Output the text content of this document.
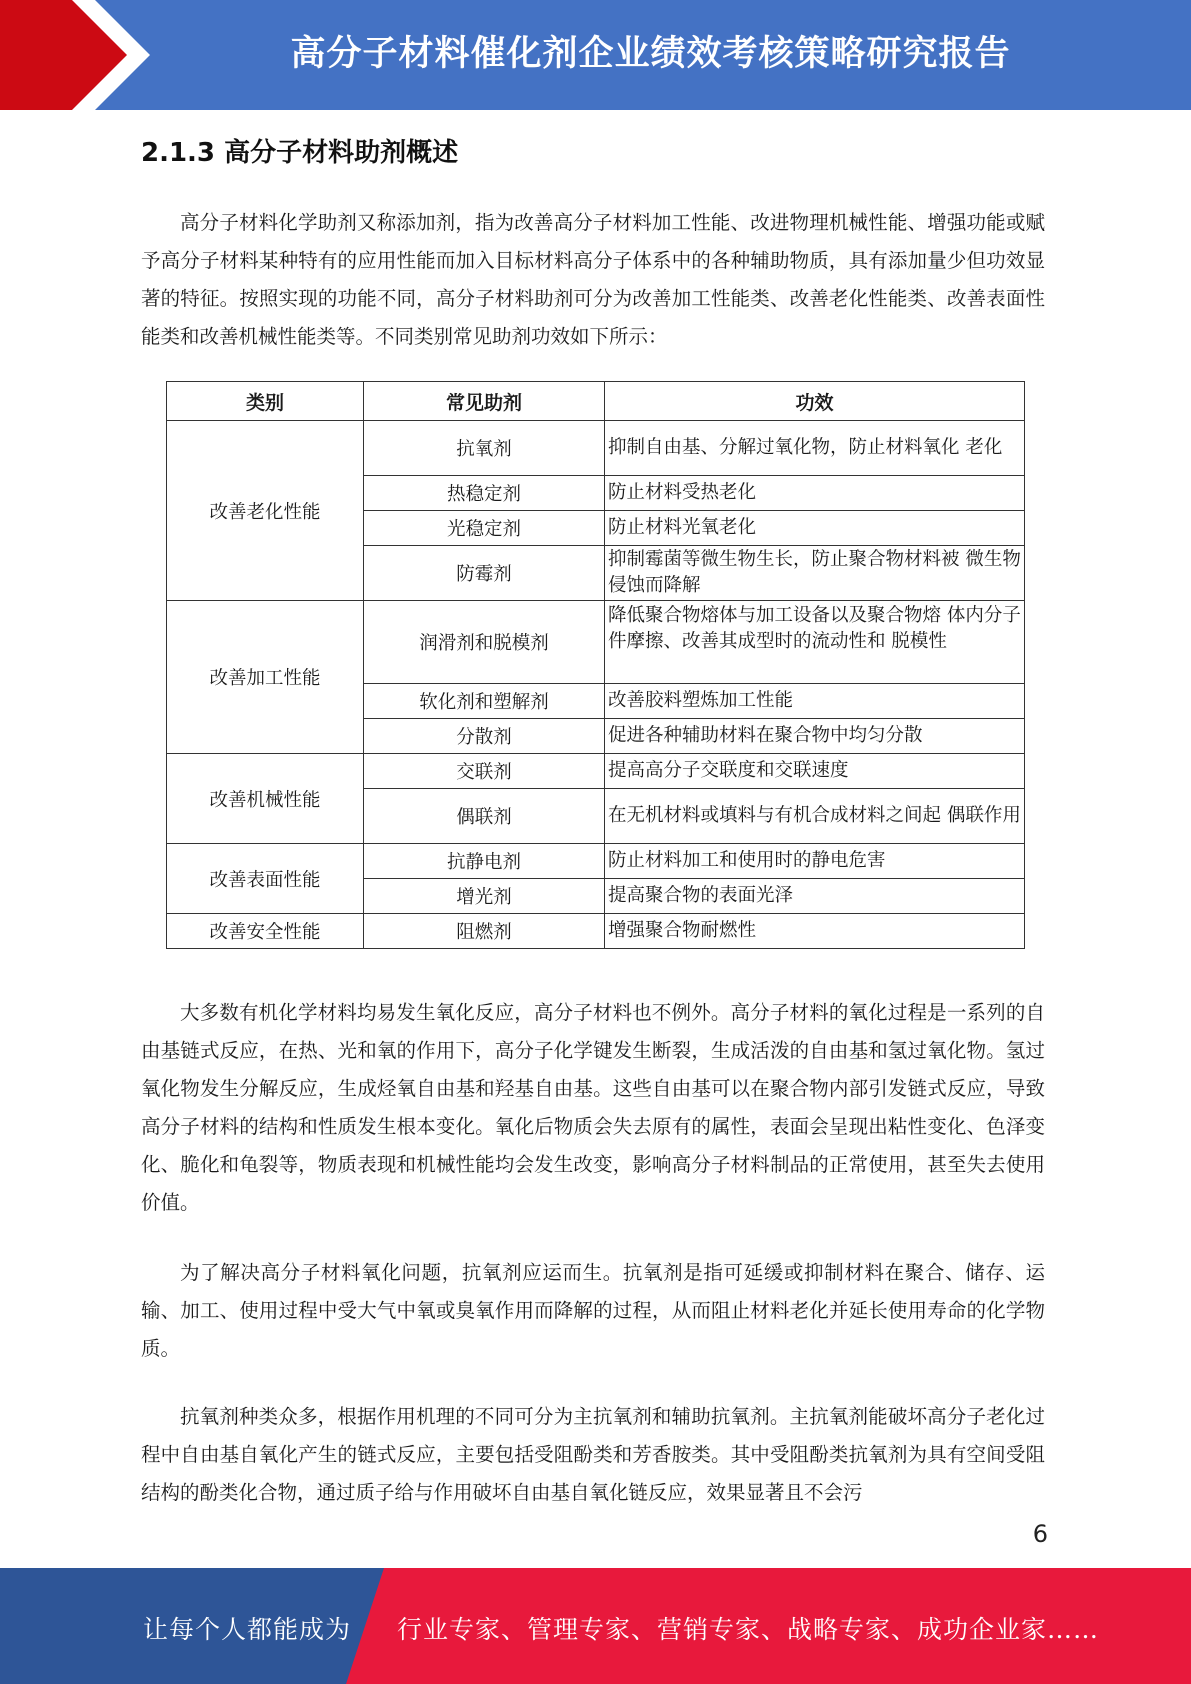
高分子材料催化剂企业绩效考核策略研究报告
2.1.3 高分子材料助剂概述

高分子材料化学助剂又称添加剂，指为改善高分子材料加工性能、改进物理机械性能、增强功能或赋予高分子材料某种特有的应用性能而加入目标材料高分子体系中的各种辅助物质，具有添加量少但功效显著的特征。按照实现的功能不同，高分子材料助剂可分为改善加工性能类、改善老化性能类、改善表面性能类和改善机械性能类等。不同类别常见助剂功效如下所示：

类别	常见助剂	功效
改善老化性能	抗氧剂	抑制自由基、分解过氧化物，防止材料氧化 老化
	热稳定剂	防止材料受热老化
	光稳定剂	防止材料光氧老化
	防霉剂	抑制霉菌等微生物生长，防止聚合物材料被 微生物侵蚀而降解
改善加工性能	润滑剂和脱模剂	降低聚合物熔体与加工设备以及聚合物熔 体内分子件摩擦、改善其成型时的流动性和 脱模性
	软化剂和塑解剂	改善胶料塑炼加工性能
	分散剂	促进各种辅助材料在聚合物中均匀分散
改善机械性能	交联剂	提高高分子交联度和交联速度
	偶联剂	在无机材料或填料与有机合成材料之间起 偶联作用
改善表面性能	抗静电剂	防止材料加工和使用时的静电危害
	增光剂	提高聚合物的表面光泽
改善安全性能	阻燃剂	增强聚合物耐燃性

大多数有机化学材料均易发生氧化反应，高分子材料也不例外。高分子材料的氧化过程是一系列的自由基链式反应，在热、光和氧的作用下，高分子化学键发生断裂，生成活泼的自由基和氢过氧化物。氢过氧化物发生分解反应，生成烃氧自由基和羟基自由基。这些自由基可以在聚合物内部引发链式反应，导致高分子材料的结构和性质发生根本变化。氧化后物质会失去原有的属性，表面会呈现出粘性变化、色泽变化、脆化和龟裂等，物质表现和机械性能均会发生改变，影响高分子材料制品的正常使用，甚至失去使用价值。

为了解决高分子材料氧化问题，抗氧剂应运而生。抗氧剂是指可延缓或抑制材料在聚合、储存、运输、加工、使用过程中受大气中氧或臭氧作用而降解的过程，从而阻止材料老化并延长使用寿命的化学物质。

抗氧剂种类众多，根据作用机理的不同可分为主抗氧剂和辅助抗氧剂。主抗氧剂能破坏高分子老化过程中自由基自氧化产生的链式反应，主要包括受阻酚类和芳香胺类。其中受阻酚类抗氧剂为具有空间受阻结构的酚类化合物，通过质子给与作用破坏自由基自氧化链反应，效果显著且不会污

6
让每个人都能成为 行业专家、管理专家、营销专家、战略专家、成功企业家……
